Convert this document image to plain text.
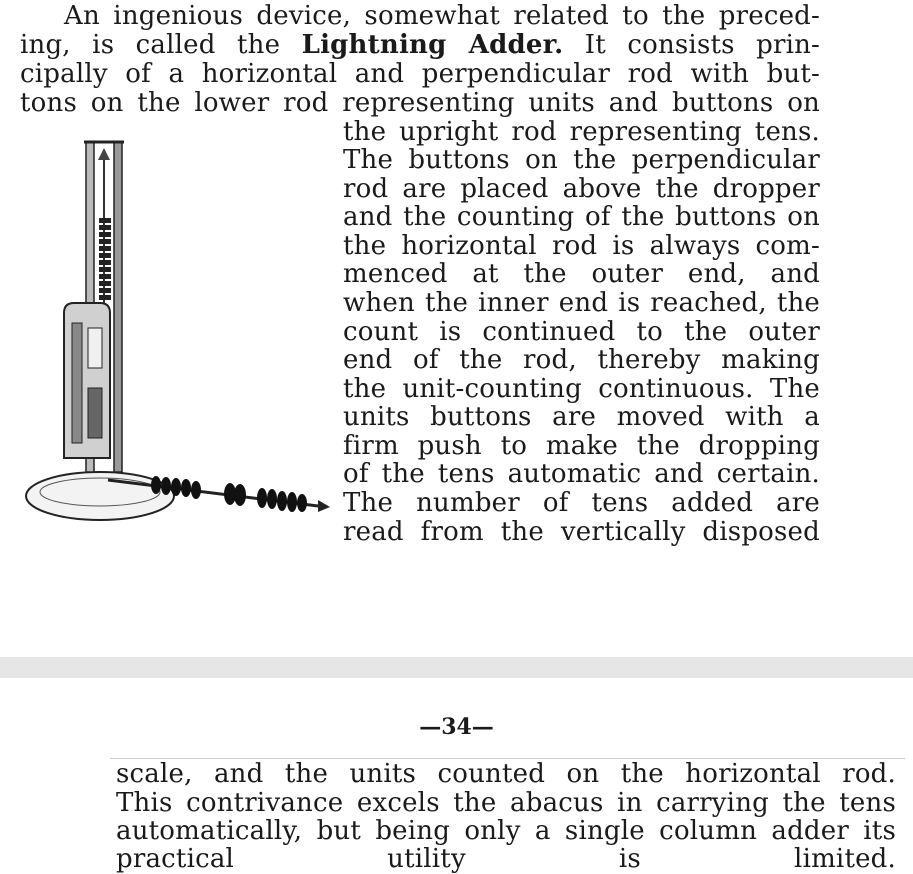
An ingenious device, somewhat related to the preced-
ing, is called the Lightning Adder. It consists prin-
cipally of a horizontal and perpendicular rod with but-
tons on the lower rod representing units and buttons on
the upright rod representing tens.
The buttons on the perpendicular
rod are placed above the dropper
and the counting of the buttons on
the horizontal rod is always com-
menced at the outer end, and
when the inner end is reached, the
count is continued to the outer
end of the rod, thereby making
the unit-counting continuous. The
units buttons are moved with a
firm push to make the dropping
of the tens automatic and certain.
The number of tens added are
read from the vertically disposed
—34—
scale, and the units counted on the horizontal rod.
This contrivance excels the abacus in carrying the tens
automatically, but being only a single column adder its
practical utility is limited.
